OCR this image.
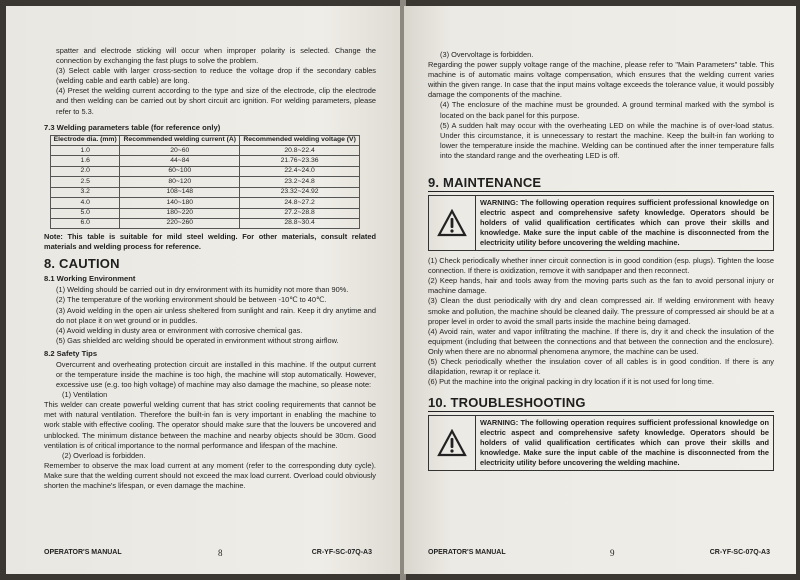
spatter and electrode sticking will occur when improper polarity is selected. Change the connection by exchanging the fast plugs to solve the problem.

(3) Select cable with larger cross-section to reduce the voltage drop if the secondary cables (welding cable and earth cable) are long.

(4) Preset the welding current according to the type and size of the electrode, clip the electrode and then welding can be carried out by short circuit arc ignition. For welding parameters, please refer to 5.3.

7.3 Welding parameters table (for reference only)
Electrode dia. (mm)	Recommended welding current (A)	Recommended welding voltage (V)
1.0	20~60	20.8~22.4
1.6	44~84	21.76~23.36
2.0	60~100	22.4~24.0
2.5	80~120	23.2~24.8
3.2	108~148	23.32~24.92
4.0	140~180	24.8~27.2
5.0	180~220	27.2~28.8
6.0	220~260	28.8~30.4

Note: This table is suitable for mild steel welding. For other materials, consult related materials and welding process for reference.

8. CAUTION
8.1 Working Environment

(1) Welding should be carried out in dry environment with its humidity not more than 90%.

(2) The temperature of the working environment should be between -10℃ to 40℃.

(3) Avoid welding in the open air unless sheltered from sunlight and rain. Keep it dry anytime and do not place it on wet ground or in puddles.

(4) Avoid welding in dusty area or environment with corrosive chemical gas.

(5) Gas shielded arc welding should be operated in environment without strong airflow.

8.2 Safety Tips

Overcurrent and overheating protection circuit are installed in this machine. If the output current or the temperature inside the machine is too high, the machine will stop automatically. However, excessive use (e.g. too high voltage) of machine may also damage the machine, so please note:

(1) Ventilation

This welder can create powerful welding current that has strict cooling requirements that cannot be met with natural ventilation. Therefore the built-in fan is very important in enabling the machine to work stable with effective cooling. The operator should make sure that the louvers be uncovered and unblocked. The minimum distance between the machine and nearby objects should be 30cm. Good ventilation is of critical importance to the normal performance and lifespan of the machine.

(2) Overload is forbidden.

Remember to observe the max load current at any moment (refer to the corresponding duty cycle). Make sure that the welding current should not exceed the max load current. Overload could obviously shorten the machine's lifespan, or even damage the machine.

OPERATOR'S MANUAL	8	CR-YF-SC-07Q-A3

(3) Overvoltage is forbidden.

Regarding the power supply voltage range of the machine, please refer to "Main Parameters" table. This machine is of automatic mains voltage compensation, which ensures that the welding current varies within the given range. In case that the input mains voltage exceeds the tolerance value, it would possibly damage the components of the machine.

(4) The enclosure of the machine must be grounded. A ground terminal marked with the symbol is located on the back panel for this purpose.

(5) A sudden halt may occur with the overheating LED on while the machine is of over-load status. Under this circumstance, it is unnecessary to restart the machine. Keep the built-in fan working to lower the temperature inside the machine. Welding can be continued after the inner temperature falls into the standard range and the overheating LED is off.

9. MAINTENANCE
WARNING: The following operation requires sufficient professional knowledge on electric aspect and comprehensive safety knowledge. Operators should be holders of valid qualification certificates which can prove their skills and knowledge. Make sure the input cable of the machine is disconnected from the electricity utility before uncovering the welding machine.

(1) Check periodically whether inner circuit connection is in good condition (esp. plugs). Tighten the loose connection. If there is oxidization, remove it with sandpaper and then reconnect.

(2) Keep hands, hair and tools away from the moving parts such as the fan to avoid personal injury or machine damage.

(3) Clean the dust periodically with dry and clean compressed air. If welding environment with heavy smoke and pollution, the machine should be cleaned daily. The pressure of compressed air should be at a proper level in order to avoid the small parts inside the machine being damaged.

(4) Avoid rain, water and vapor infiltrating the machine. If there is, dry it and check the insulation of the equipment (including that between the connections and that between the connection and the enclosure). Only when there are no abnormal phenomena anymore, the machine can be used.

(5) Check periodically whether the insulation cover of all cables is in good condition. If there is any dilapidation, rewrap it or replace it.

(6) Put the machine into the original packing in dry location if it is not used for long time.

10. TROUBLESHOOTING
WARNING: The following operation requires sufficient professional knowledge on electric aspect and comprehensive safety knowledge. Operators should be holders of valid qualification certificates which can prove their skills and knowledge. Make sure the input cable of the machine is disconnected from the electricity utility before uncovering the welding machine.
OPERATOR'S MANUAL	9	CR-YF-SC-07Q-A3
